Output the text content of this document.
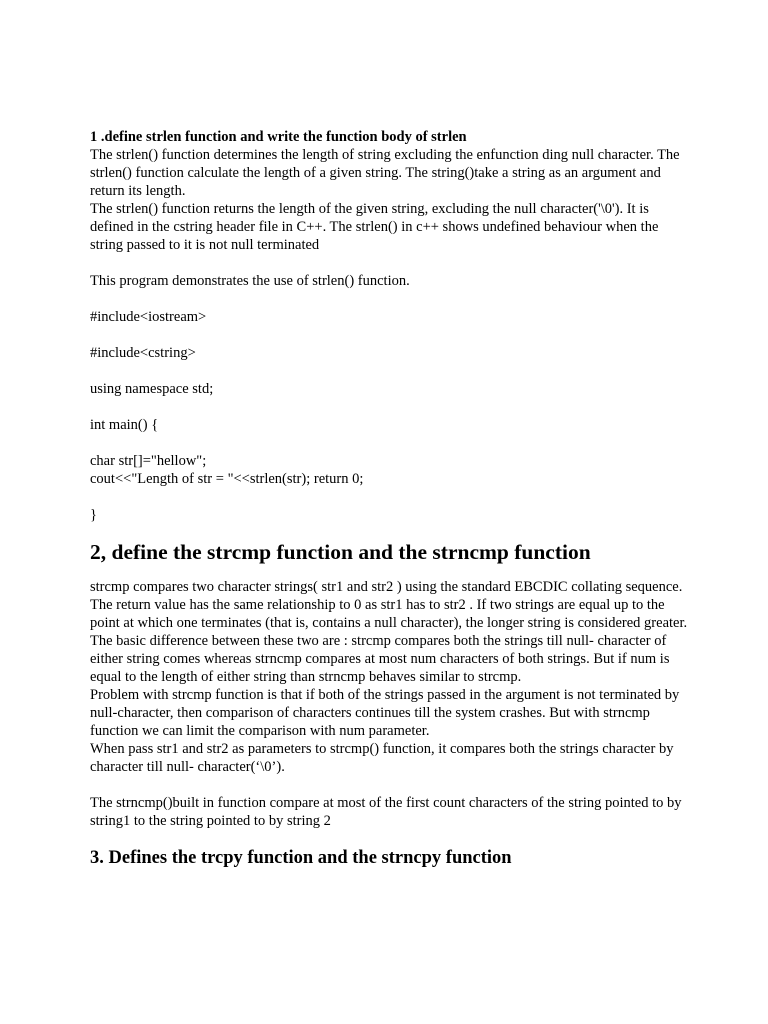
1 .define strlen function and write the function body of strlen

The strlen() function determines the length of string excluding the enfunction ding null character. The strlen() function calculate the length of a given string. The string()take a string as an argument and return its length.

The strlen() function returns the length of the given string, excluding the null character('\0'). It is defined in the cstring header file in C++. The strlen() in c++ shows undefined behaviour when the string passed to it is not null terminated

This program demonstrates the use of strlen() function.

#include<iostream>

#include<cstring>

using namespace std;

int main() {

char str[]="hellow";

cout<<"Length of str = "<<strlen(str); return 0;

}

2, define the strcmp function and the strncmp function

strcmp compares two character strings( str1 and str2 ) using the standard EBCDIC collating sequence. The return value has the same relationship to 0 as str1 has to str2 . If two strings are equal up to the point at which one terminates (that is, contains a null character), the longer string is considered greater.

The basic difference between these two are : strcmp compares both the strings till null- character of either string comes whereas strncmp compares at most num characters of both strings. But if num is equal to the length of either string than strncmp behaves similar to strcmp.

Problem with strcmp function is that if both of the strings passed in the argument is not terminated by null-character, then comparison of characters continues till the system crashes. But with strncmp function we can limit the comparison with num parameter.

When pass str1 and str2 as parameters to strcmp() function, it compares both the strings character by character till null- character(‘\0’).

The strncmp()built in function compare at most of the first count characters of the string pointed to by string1 to the string pointed to by string 2

3. Defines the trcpy function and the strncpy function
